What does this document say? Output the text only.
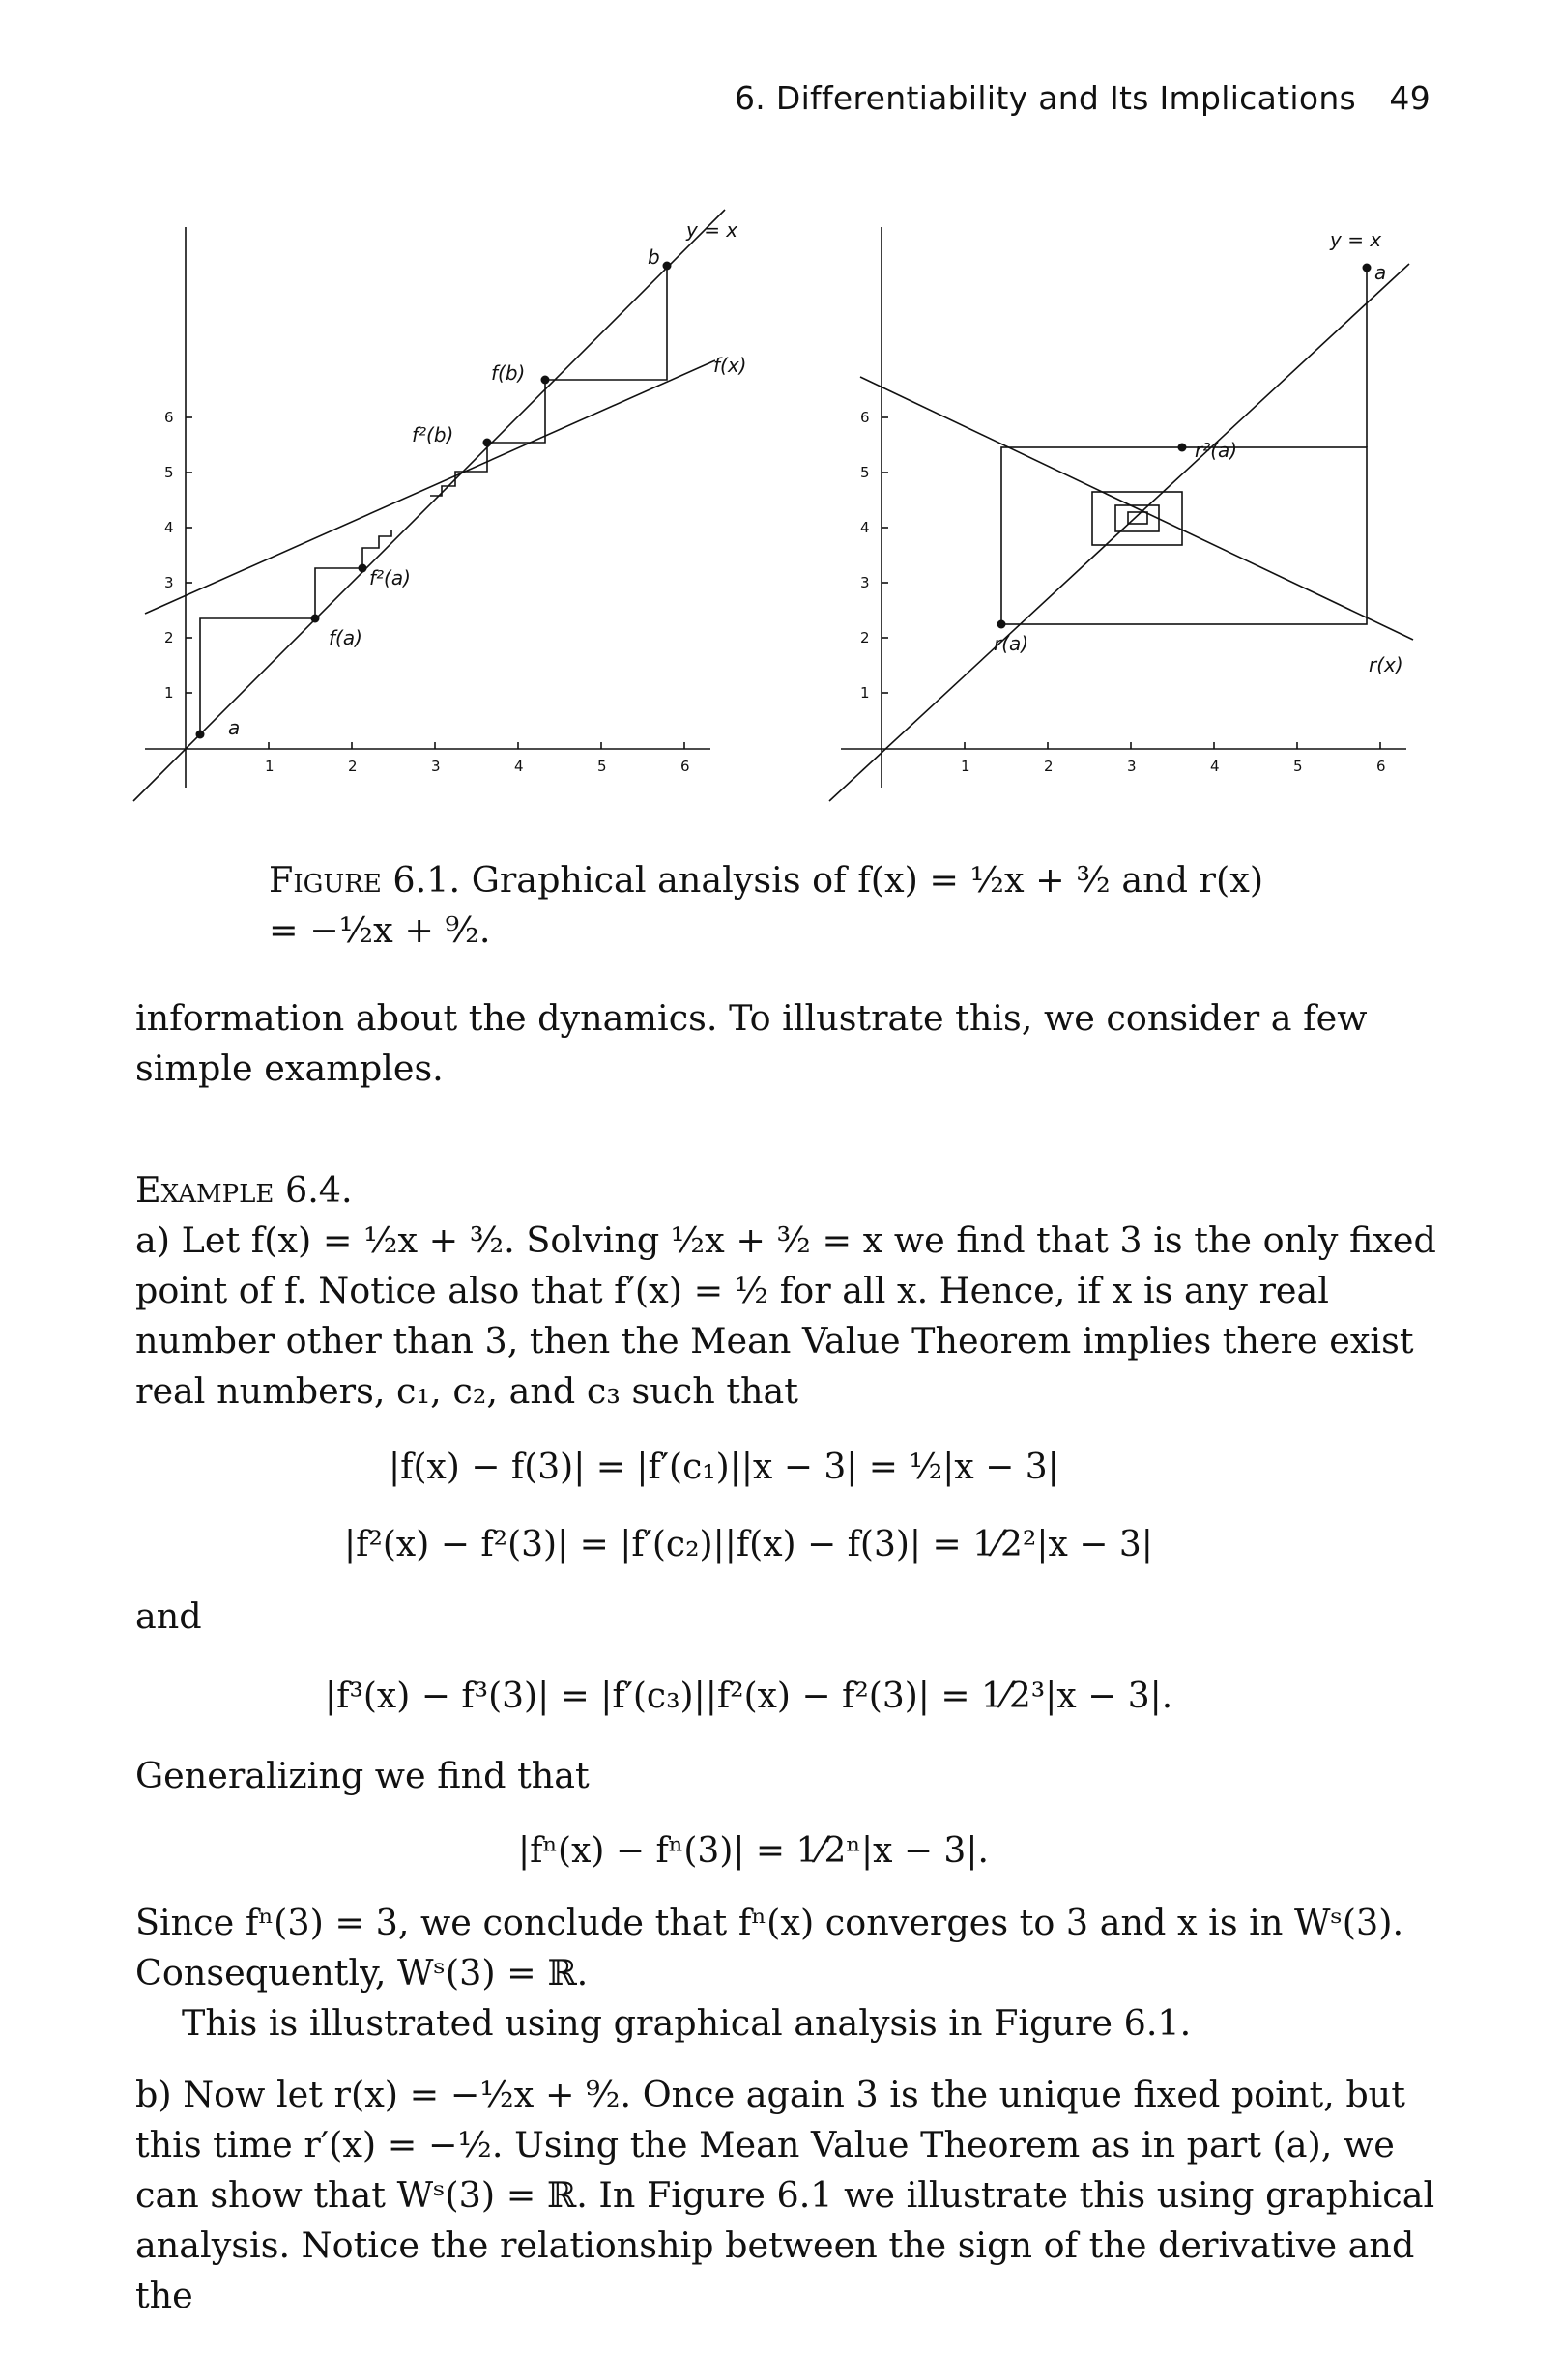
6. Differentiability and Its Implications 49
1
2
3
4
5
6
1	2	3	4	5	6
y = x
f(x)
b
f(b)
f²(b)
a
f(a)
f²(a)
1
2
3
4
5
6
1	2	3	4	5	6
y = x
a
r²(a)
r(a)
r(x)
Figure 6.1. Graphical analysis of f(x) = ½x + ³⁄₂ and r(x) = −½x + ⁹⁄₂.

information about the dynamics. To illustrate this, we consider a few simple examples.

Example 6.4.

a) Let f(x) = ½x + ³⁄₂. Solving ½x + ³⁄₂ = x we find that 3 is the only fixed point of f. Notice also that f′(x) = ½ for all x. Hence, if x is any real number other than 3, then the Mean Value Theorem implies there exist real numbers, c₁, c₂, and c₃ such that

|f(x) − f(3)| = |f′(c₁)||x − 3| = ½|x − 3|
|f²(x) − f²(3)| = |f′(c₂)||f(x) − f(3)| = 1⁄2²|x − 3|
and
|f³(x) − f³(3)| = |f′(c₃)||f²(x) − f²(3)| = 1⁄2³|x − 3|.

Generalizing we find that

|fⁿ(x) − fⁿ(3)| = 1⁄2ⁿ|x − 3|.

Since fⁿ(3) = 3, we conclude that fⁿ(x) converges to 3 and x is in Wˢ(3). Consequently, Wˢ(3) = ℝ.

This is illustrated using graphical analysis in Figure 6.1.

b) Now let r(x) = −½x + ⁹⁄₂. Once again 3 is the unique fixed point, but this time r′(x) = −½. Using the Mean Value Theorem as in part (a), we can show that Wˢ(3) = ℝ. In Figure 6.1 we illustrate this using graphical analysis. Notice the relationship between the sign of the derivative and the
